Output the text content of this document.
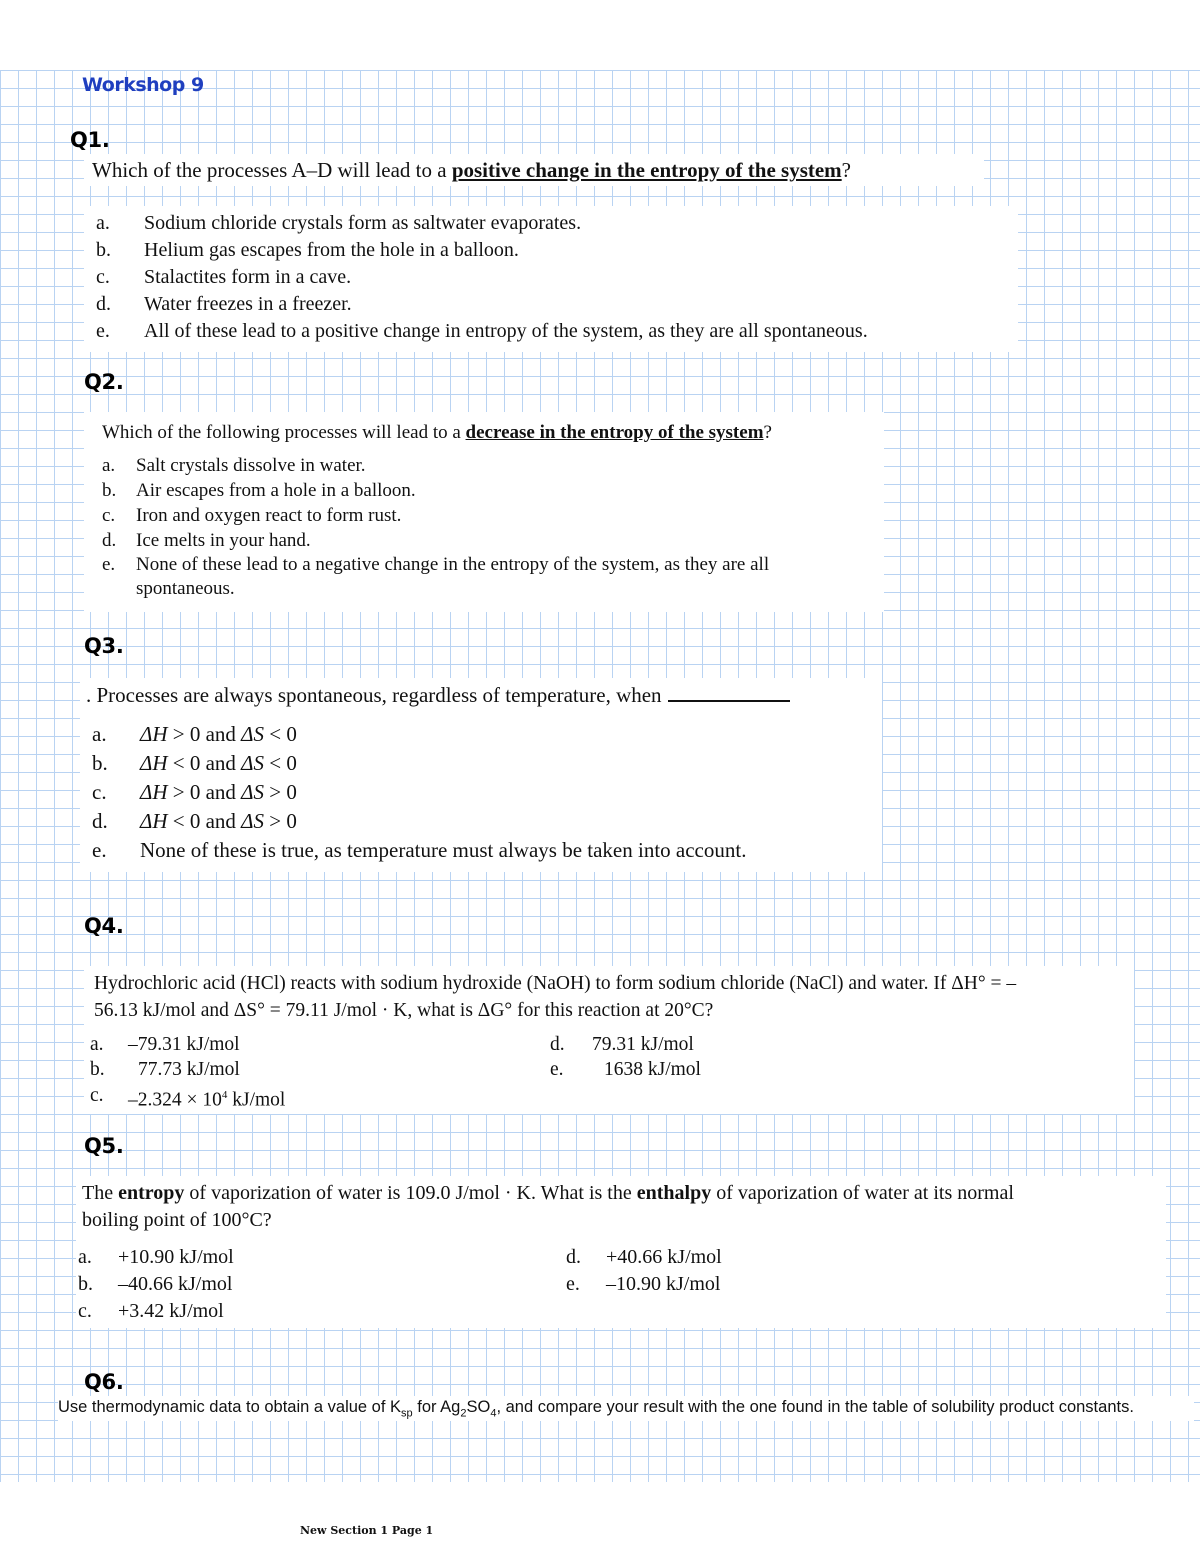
Workshop 9
Q1.
Which of the processes A–D will lead to a positive change in the entropy of the system?
a.	Sodium chloride crystals form as saltwater evaporates.
b.	Helium gas escapes from the hole in a balloon.
c.	Stalactites form in a cave.
d.	Water freezes in a freezer.
e.	All of these lead to a positive change in entropy of the system, as they are all spontaneous.
Q2.
Which of the following processes will lead to a decrease in the entropy of the system?
a.	Salt crystals dissolve in water.
b.	Air escapes from a hole in a balloon.
c.	Iron and oxygen react to form rust.
d.	Ice melts in your hand.
e.	None of these lead to a negative change in the entropy of the system, as they are all spontaneous.
Q3.
. Processes are always spontaneous, regardless of temperature, when
a.	ΔH > 0 and ΔS < 0
b.	ΔH < 0 and ΔS < 0
c.	ΔH > 0 and ΔS > 0
d.	ΔH < 0 and ΔS > 0
e.	None of these is true, as temperature must always be taken into account.
Q4.
Hydrochloric acid (HCl) reacts with sodium hydroxide (NaOH) to form sodium chloride (NaCl) and water. If ΔH° = –
56.13 kJ/mol and ΔS° = 79.11 J/mol · K, what is ΔG° for this reaction at 20°C?
a.	–79.31 kJ/mol
b.	77.73 kJ/mol
c.	$-2.324 \times 10^4$ kJ/mol
d.	79.31 kJ/mol
e.	1638 kJ/mol
Q5.
The entropy of vaporization of water is 109.0 J/mol · K. What is the enthalpy of vaporization of water at its normal
boiling point of 100°C?
a.	+10.90 kJ/mol
b.	–40.66 kJ/mol
c.	+3.42 kJ/mol
d.	+40.66 kJ/mol
e.	–10.90 kJ/mol
Q6.
Use thermodynamic data to obtain a value of $K_{sp}$ for $Ag_2SO_4$, and compare your result with the one found in the table of solubility product constants.
New Section 1 Page 1
